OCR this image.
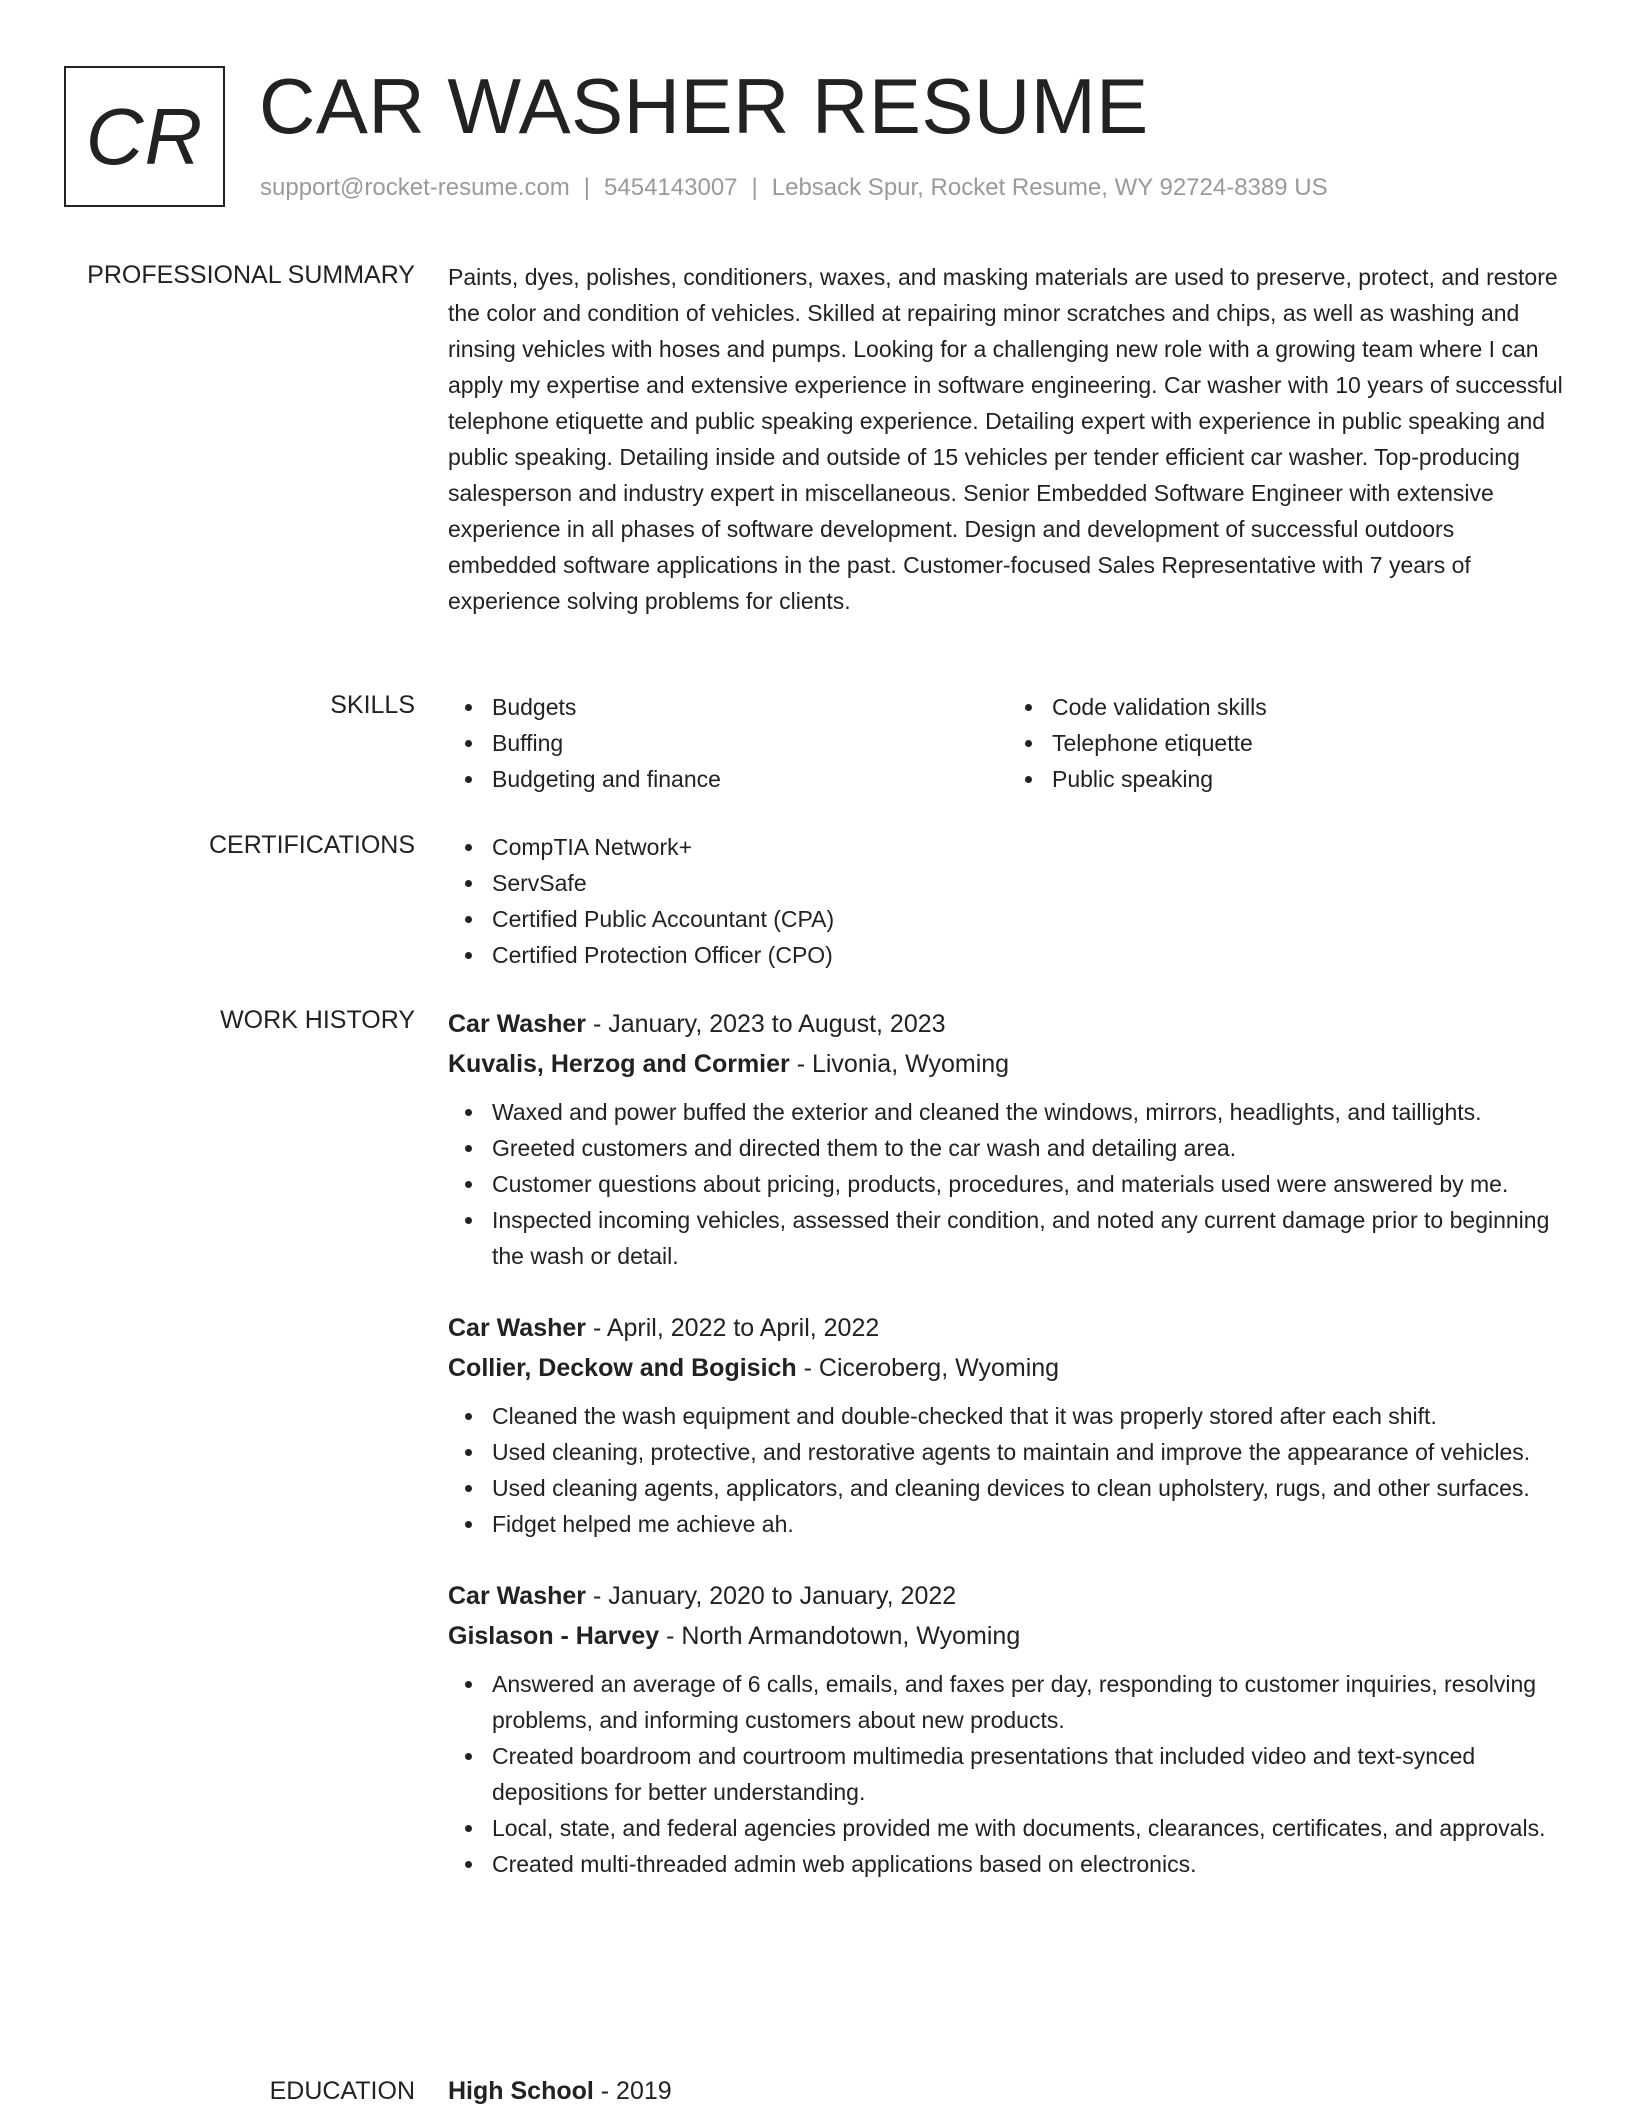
CR CAR WASHER RESUME
support@rocket-resume.com | 5454143007 | Lebsack Spur, Rocket Resume, WY 92724-8389 US
PROFESSIONAL SUMMARY Paints, dyes, polishes, conditioners, waxes, and masking materials are used to preserve, protect, and restore the color and condition of vehicles. Skilled at repairing minor scratches and chips, as well as washing and rinsing vehicles with hoses and pumps. Looking for a challenging new role with a growing team where I can apply my expertise and extensive experience in software engineering. Car washer with 10 years of successful telephone etiquette and public speaking experience. Detailing expert with experience in public speaking and public speaking. Detailing inside and outside of 15 vehicles per tender efficient car washer. Top-producing salesperson and industry expert in miscellaneous. Senior Embedded Software Engineer with extensive experience in all phases of software development. Design and development of successful outdoors embedded software applications in the past. Customer-focused Sales Representative with 7 years of experience solving problems for clients.
SKILLS	Budgets
Buffing
Budgeting and finance
Code validation skills
Telephone etiquette
Public speaking
CERTIFICATIONS	CompTIA Network+
ServSafe
Certified Public Accountant (CPA)
Certified Protection Officer (CPO)
WORK HISTORY Car Washer - January, 2023 to August, 2023
Kuvalis, Herzog and Cormier - Livonia, Wyoming
Waxed and power buffed the exterior and cleaned the windows, mirrors, headlights, and taillights.
Greeted customers and directed them to the car wash and detailing area.
Customer questions about pricing, products, procedures, and materials used were answered by me.
Inspected incoming vehicles, assessed their condition, and noted any current damage prior to beginning the wash or detail.
Car Washer - April, 2022 to April, 2022
Collier, Deckow and Bogisich - Ciceroberg, Wyoming
Cleaned the wash equipment and double-checked that it was properly stored after each shift.
Used cleaning, protective, and restorative agents to maintain and improve the appearance of vehicles.
Used cleaning agents, applicators, and cleaning devices to clean upholstery, rugs, and other surfaces.
Fidget helped me achieve ah.
Car Washer - January, 2020 to January, 2022
Gislason - Harvey - North Armandotown, Wyoming
Answered an average of 6 calls, emails, and faxes per day, responding to customer inquiries, resolving problems, and informing customers about new products.
Created boardroom and courtroom multimedia presentations that included video and text-synced depositions for better understanding.
Local, state, and federal agencies provided me with documents, clearances, certificates, and approvals.
Created multi-threaded admin web applications based on electronics.
EDUCATION High School - 2019
